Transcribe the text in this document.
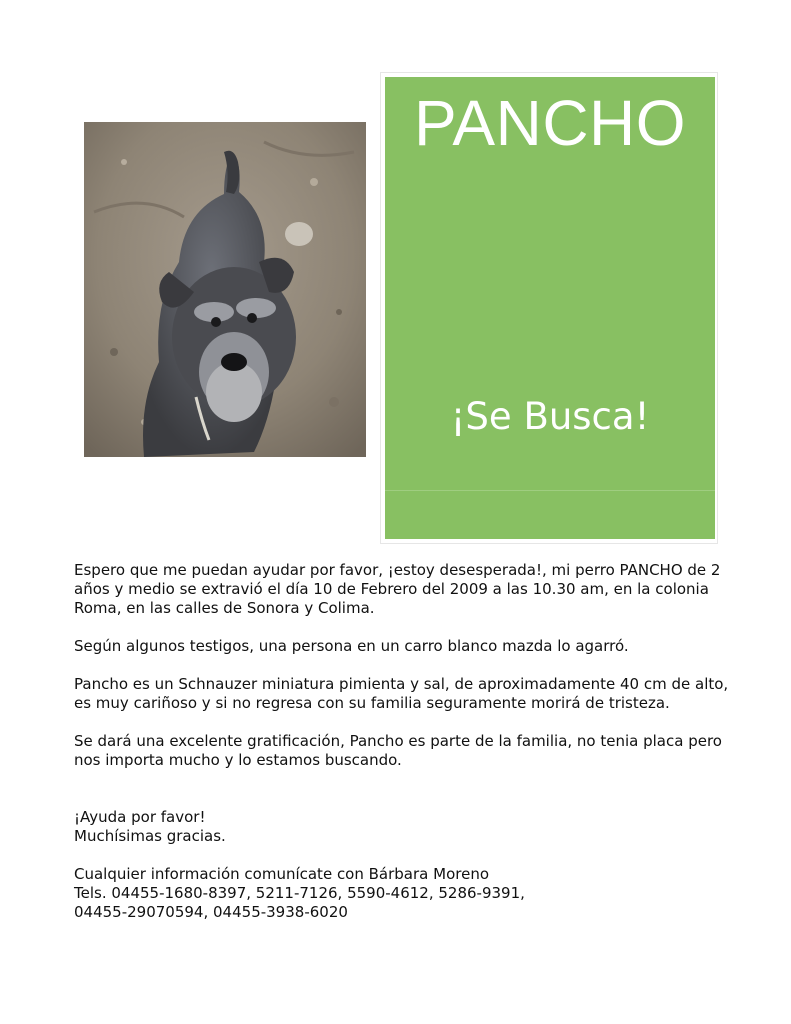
PANCHO
¡Se Busca!

Espero que me puedan ayudar por favor, ¡estoy desesperada!, mi perro PANCHO de 2 años y medio se extravió el día 10 de Febrero del 2009 a las 10.30 am, en la colonia Roma, en las calles de Sonora y Colima.

Según algunos testigos, una persona en un carro blanco mazda lo agarró.

Pancho es un Schnauzer miniatura pimienta y sal, de aproximadamente 40 cm de alto, es muy cariñoso y si no regresa con su familia seguramente morirá de tristeza.

Se dará una excelente gratificación, Pancho es parte de la familia, no tenia placa pero nos importa mucho y lo estamos buscando.

¡Ayuda por favor!

Muchísimas gracias.

Cualquier información comunícate con Bárbara Moreno

Tels. 04455-1680-8397, 5211-7126, 5590-4612, 5286-9391,

04455-29070594, 04455-3938-6020
